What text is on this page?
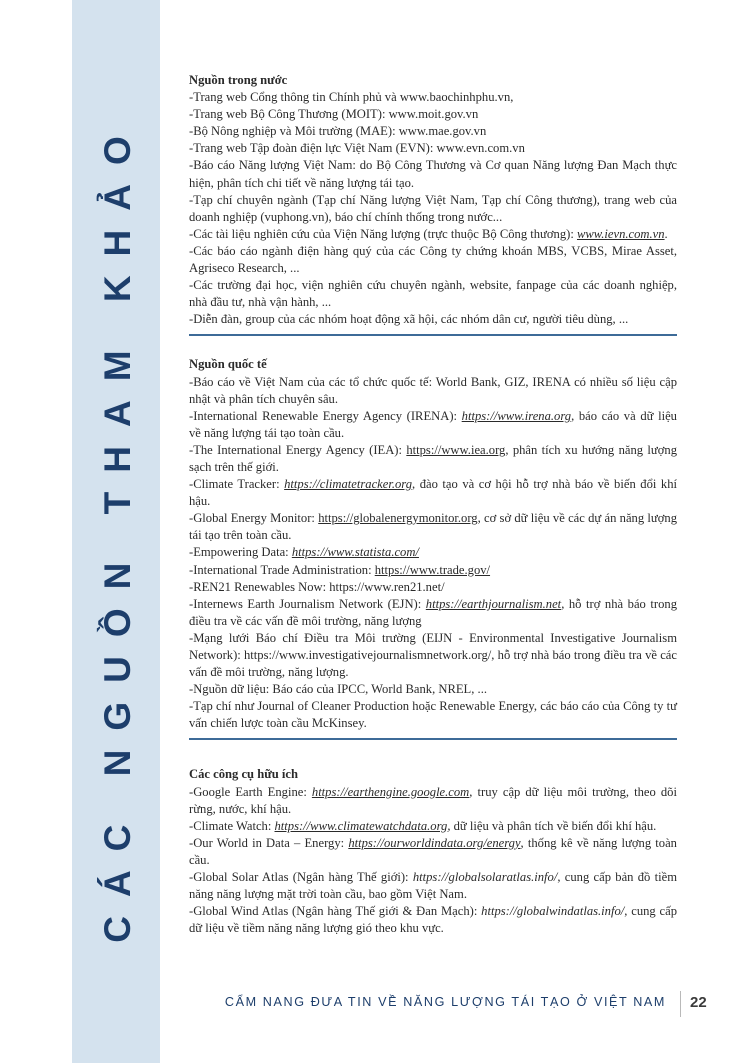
CÁC NGUỒN THAM KHẢO

Nguồn trong nước

-Trang web Cổng thông tin Chính phủ và www.baochinhphu.vn,

-Trang web Bộ Công Thương (MOIT): www.moit.gov.vn

-Bộ Nông nghiệp và Môi trường (MAE): www.mae.gov.vn

-Trang web Tập đoàn điện lực Việt Nam (EVN): www.evn.com.vn

-Báo cáo Năng lượng Việt Nam: do Bộ Công Thương và Cơ quan Năng lượng Đan Mạch thực hiện, phân tích chi tiết về năng lượng tái tạo.

-Tạp chí chuyên ngành (Tạp chí Năng lượng Việt Nam, Tạp chí Công thương), trang web của doanh nghiệp (vuphong.vn), báo chí chính thống trong nước...

-Các tài liệu nghiên cứu của Viện Năng lượng (trực thuộc Bộ Công thương): www.ievn.com.vn.

-Các báo cáo ngành điện hàng quý của các Công ty chứng khoán MBS, VCBS, Mirae Asset, Agriseco Research, ...

-Các trường đại học, viện nghiên cứu chuyên ngành, website, fanpage của các doanh nghiệp, nhà đầu tư, nhà vận hành, ...

-Diễn đàn, group của các nhóm hoạt động xã hội, các nhóm dân cư, người tiêu dùng, ...

Nguồn quốc tế

-Báo cáo về Việt Nam của các tổ chức quốc tế: World Bank, GIZ, IRENA có nhiều số liệu cập nhật và phân tích chuyên sâu.

-International Renewable Energy Agency (IRENA): https://www.irena.org, báo cáo và dữ liệu về năng lượng tái tạo toàn cầu.

-The International Energy Agency (IEA): https://www.iea.org, phân tích xu hướng năng lượng sạch trên thế giới.

-Climate Tracker: https://climatetracker.org, đào tạo và cơ hội hỗ trợ nhà báo về biến đổi khí hậu.

-Global Energy Monitor: https://globalenergymonitor.org, cơ sở dữ liệu về các dự án năng lượng tái tạo trên toàn cầu.

-Empowering Data: https://www.statista.com/

-International Trade Administration: https://www.trade.gov/

-REN21 Renewables Now: https://www.ren21.net/

-Internews Earth Journalism Network (EJN): https://earthjournalism.net, hỗ trợ nhà báo trong điều tra về các vấn đề môi trường, năng lượng

-Mạng lưới Báo chí Điều tra Môi trường (EIJN - Environmental Investigative Journalism Network): https://www.investigativejournalismnetwork.org/, hỗ trợ nhà báo trong điều tra về các vấn đề môi trường, năng lượng.

-Nguồn dữ liệu: Báo cáo của IPCC, World Bank, NREL, ...

-Tạp chí như Journal of Cleaner Production hoặc Renewable Energy, các báo cáo của Công ty tư vấn chiến lược toàn cầu McKinsey.

Các công cụ hữu ích

-Google Earth Engine: https://earthengine.google.com, truy cập dữ liệu môi trường, theo dõi rừng, nước, khí hậu.

-Climate Watch: https://www.climatewatchdata.org, dữ liệu và phân tích về biến đổi khí hậu.

-Our World in Data – Energy: https://ourworldindata.org/energy, thống kê về năng lượng toàn cầu.

-Global Solar Atlas (Ngân hàng Thế giới): https://globalsolaratlas.info/, cung cấp bản đồ tiềm năng năng lượng mặt trời toàn cầu, bao gồm Việt Nam.

-Global Wind Atlas (Ngân hàng Thế giới & Đan Mạch): https://globalwindatlas.info/, cung cấp dữ liệu về tiềm năng năng lượng gió theo khu vực.

CẨM NANG ĐƯA TIN VỀ NĂNG LƯỢNG TÁI TẠO Ở VIỆT NAM 22
